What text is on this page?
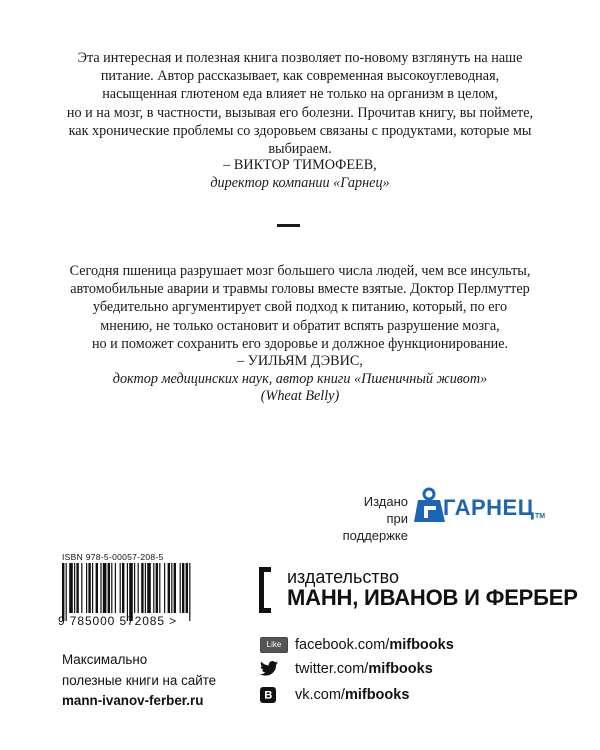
Эта интересная и полезная книга позволяет по-новому взглянуть на наше
питание. Автор рассказывает, как современная высокоуглеводная,
насыщенная глютеном еда влияет не только на организм в целом,
но и на мозг, в частности, вызывая его болезни. Прочитав книгу, вы поймете,
как хронические проблемы со здоровьем связаны с продуктами, которые мы
выбираем.
– ВИКТОР ТИМОФЕЕВ,
директор компании «Гарнец»
Сегодня пшеница разрушает мозг большего числа людей, чем все инсульты,
автомобильные аварии и травмы головы вместе взятые. Доктор Перлмуттер
убедительно аргументирует свой подход к питанию, который, по его
мнению, не только остановит и обратит вспять разрушение мозга,
но и поможет сохранить его здоровье и должное функционирование.
– УИЛЬЯМ ДЭВИС,
доктор медицинских наук, автор книги «Пшеничный живот»
(Wheat Belly)
Издано
при поддержке
ГАРНЕЦ TM
ISBN 978-5-00057-208-5
9 785000 572085 >
издательство
МАНН, ИВАНОВ И ФЕРБЕР
Максимально
полезные книги на сайте
mann-ivanov-ferber.ru
Like facebook.com/mifbooks
twitter.com/mifbooks
vk.com/mifbooks
